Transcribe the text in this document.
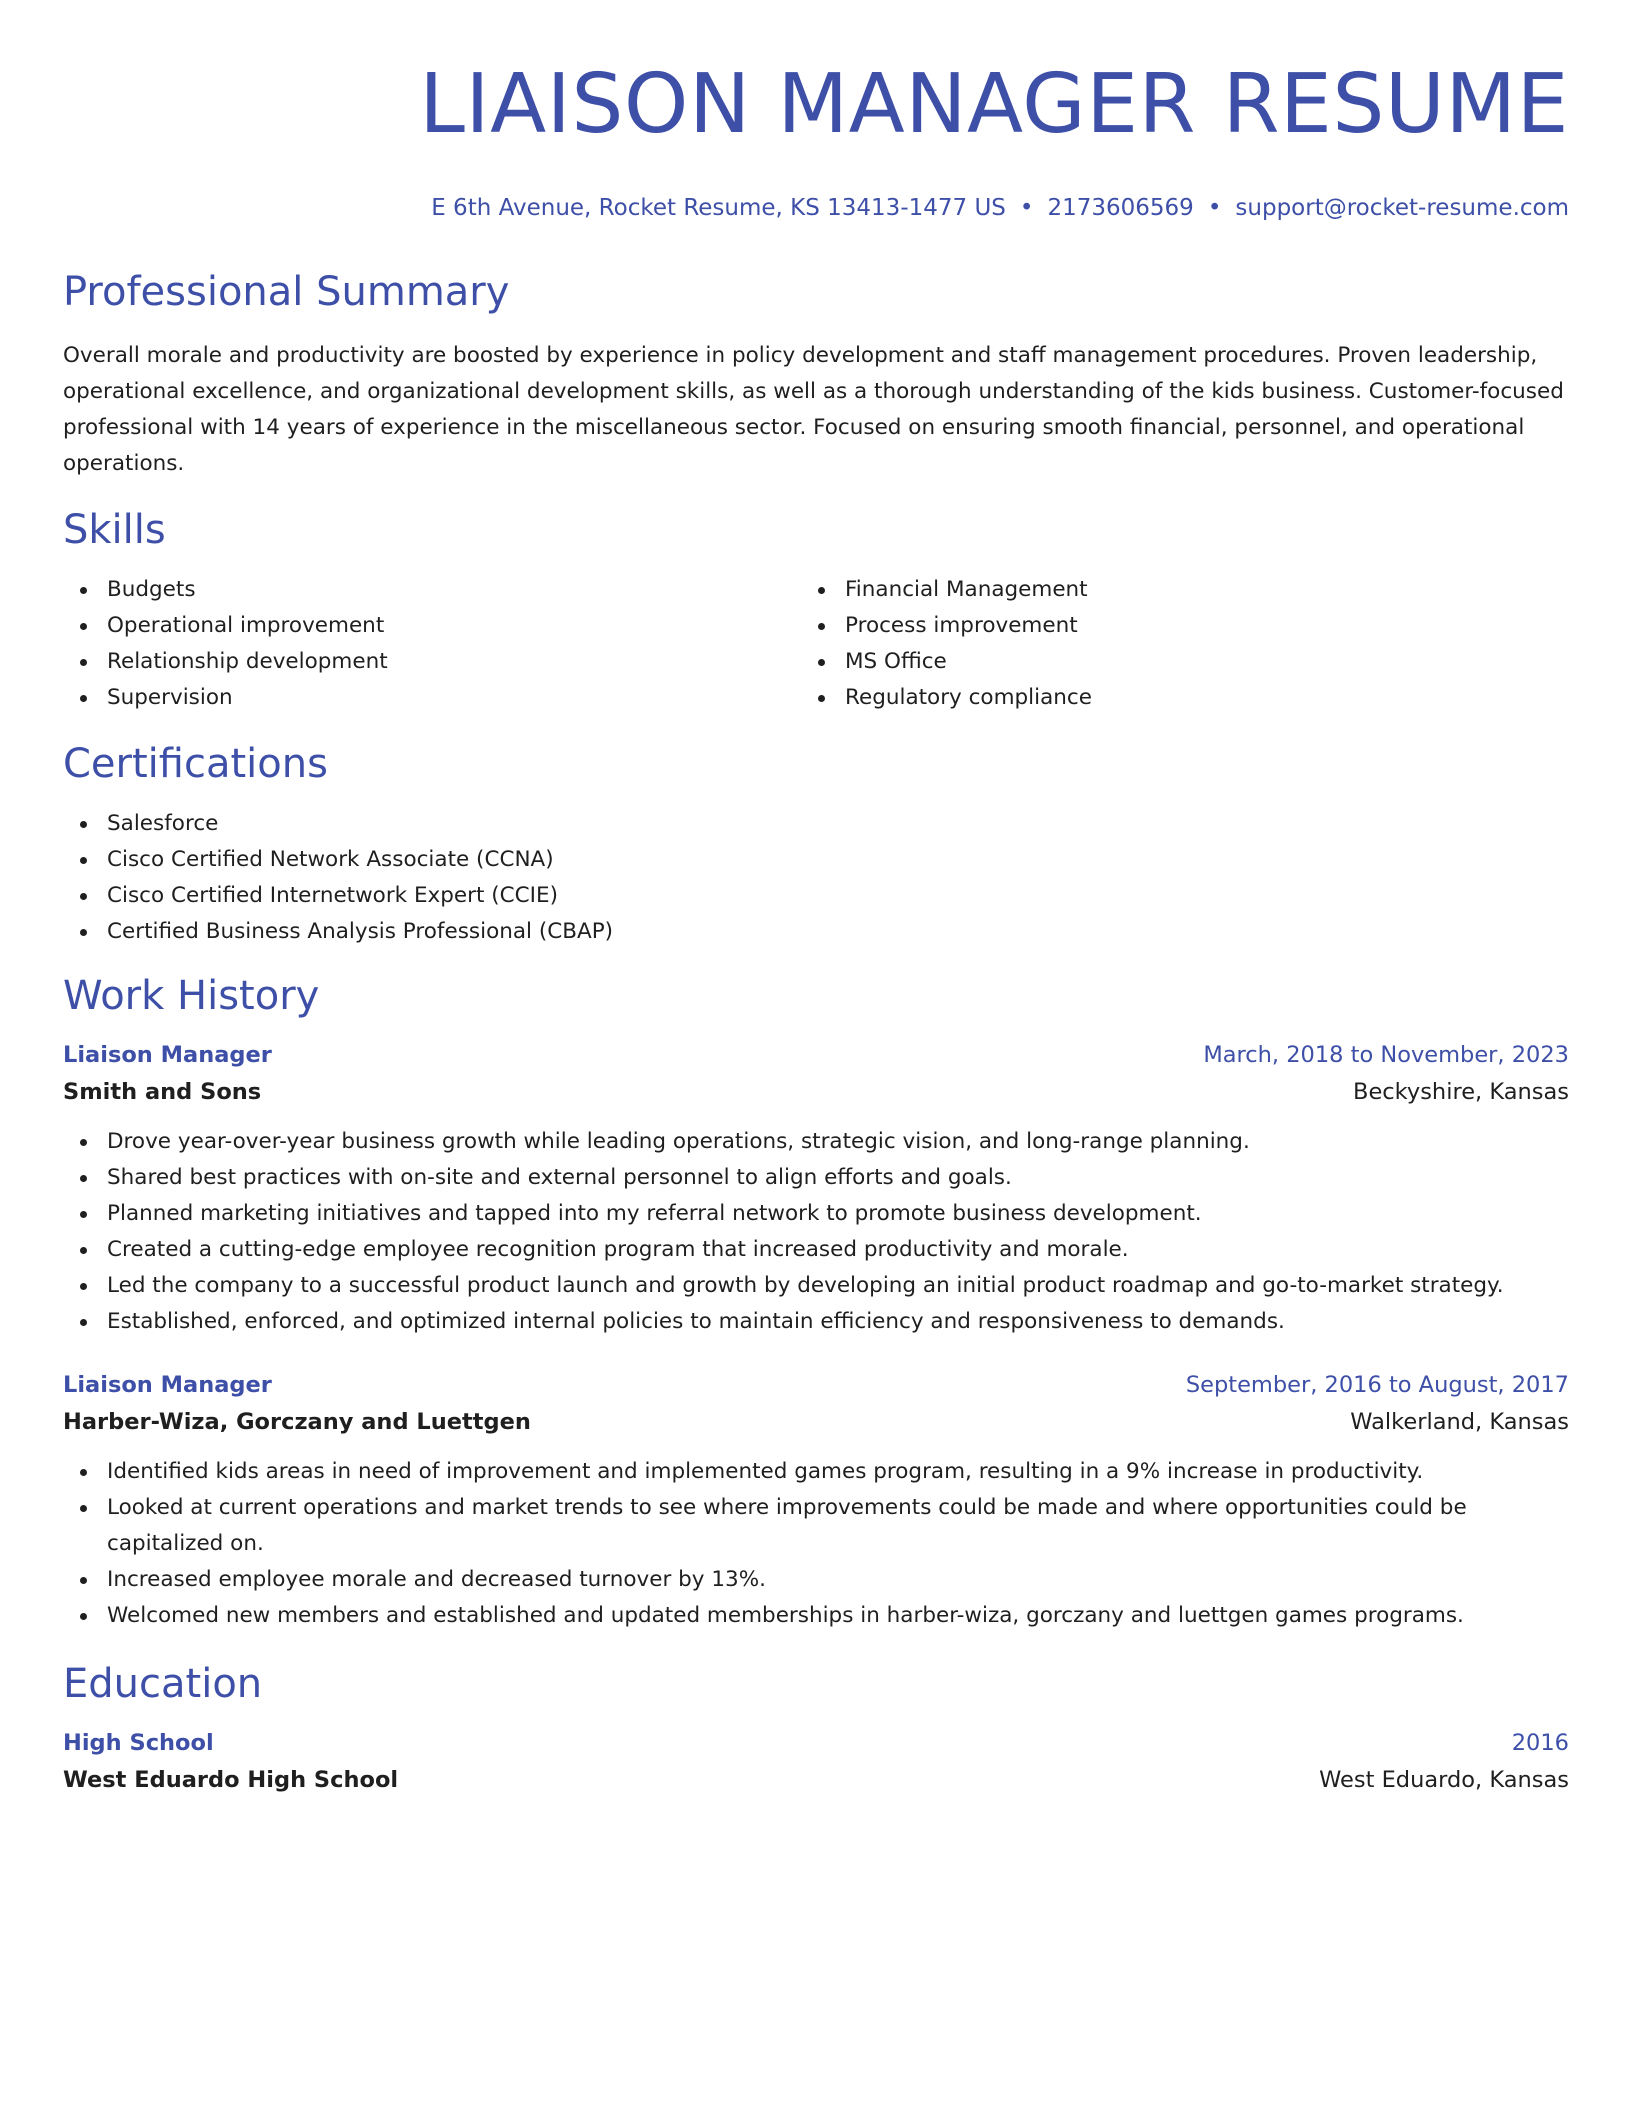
LIAISON MANAGER RESUME
E 6th Avenue, Rocket Resume, KS 13413-1477 US • 2173606569 • support@rocket-resume.com
Professional Summary
Overall morale and productivity are boosted by experience in policy development and staff management procedures. Proven leadership, operational excellence, and organizational development skills, as well as a thorough understanding of the kids business. Customer-focused professional with 14 years of experience in the miscellaneous sector. Focused on ensuring smooth financial, personnel, and operational operations.
Skills
Budgets
Operational improvement
Relationship development
Supervision
Financial Management
Process improvement
MS Office
Regulatory compliance
Certifications
Salesforce
Cisco Certified Network Associate (CCNA)
Cisco Certified Internetwork Expert (CCIE)
Certified Business Analysis Professional (CBAP)
Work History
Liaison Manager	March, 2018 to November, 2023
Smith and Sons	Beckyshire, Kansas
Drove year-over-year business growth while leading operations, strategic vision, and long-range planning.
Shared best practices with on-site and external personnel to align efforts and goals.
Planned marketing initiatives and tapped into my referral network to promote business development.
Created a cutting-edge employee recognition program that increased productivity and morale.
Led the company to a successful product launch and growth by developing an initial product roadmap and go-to-market strategy.
Established, enforced, and optimized internal policies to maintain efficiency and responsiveness to demands.
Liaison Manager	September, 2016 to August, 2017
Harber-Wiza, Gorczany and Luettgen	Walkerland, Kansas
Identified kids areas in need of improvement and implemented games program, resulting in a 9% increase in productivity.
Looked at current operations and market trends to see where improvements could be made and where opportunities could be capitalized on.
Increased employee morale and decreased turnover by 13%.
Welcomed new members and established and updated memberships in harber-wiza, gorczany and luettgen games programs.
Education
High School	2016
West Eduardo High School	West Eduardo, Kansas
